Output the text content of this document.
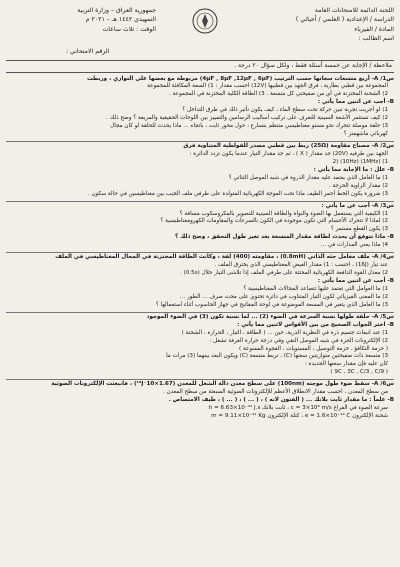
اللجنة الدائمة للامتحانات العامة
الدراسة / الإعدادية ( العلمي / أحيائي )
المادة / الفيزياء
اسم الطالب :
جمهورية العراق – وزارة التربية
التمهيدي ١٤٤٢ هـ – ٢٠٢١ م
الوقت : ثلاث ساعات
الرقم الامتحاني :
ملاحظة / الإجابة عن خمسة أسئلة فقط ، ولكل سؤال ٢٠ درجة .

س1/ A- أربع متسعات سعاتها حسب الترتيب (4μF , 8μF ,12μF , 6μF) مربوطة مع بعضها على التوازي ، وربطت

المجموعة بين قطبي بطارية ، فرق الجهد بين قطبيها (12V) احسب مقدار : 1) السعة المكافئة للمجموعة

2) الشحنة المختزنة في أي من صفيحتي كل متسعة . 3) الطاقة الكلية المختزنة في المجموعة .

B- أجب عن اثنين مما يأتي :

1) لو أجريت تجربة تبين حركة تحت سطح الماء ، كيف يكون تأثير ذلك في طرق التداخل ؟

2) كيف تستثمر الأشعة السينية للتعرف على تركيب أساليب الرسامين والتمييز بين اللوحات الحقيقية والمزيفة ؟ وضح ذلك .

3) حلقة موصلة تتحرك نحو مستو مغناطيسي منتظم بتسارع ، حول محور ثابت ، باتجاه ... ماذا يحدث للحلقة لو كان مجال

كهربائي ماشهمتز ؟

س2/ A- مصباح مقاومة (25Ω) ربط بين قطبي مصدر للفولطية المتناوبة فرق

الجهد بين طرفيه (20V) جد مقدار ( X ) ، ثم جد مقدار التيار عندما يكون تردد الدائرة :

1) (1MHz) 2) (10Hz)

B- علل : ما الإجابة مما يأتي :

1) ما العامل الذي يعتمد عليه مقدار الذروة في شبه الموصل الثنائي ؟

2) مقدار الزاوية الحرجة .

3) ضرورة يكون الخط أحمر الطيف ماذا تحت الموجة الكهربائية المتولدة على طرفي ملف الجيب بين مغناطيسين في حالة سكون .

س3/ A- أجب عن ما يأتي :

1) الكيفية التي يستعمل بها الضوء والنواة والطاقة السينية للتصوير بالمكروسكوب مسافة ؟

2) لماذا لا تتحرك الأجسام التي تكون موجودة في الكون بالسرعات والمقاومات الكهرومغناطيسية ؟

3) يكون القطع مستمر ؟

B- ماذا تتوقع أن يحدث لطاقة مقدار المتسعة بعد تغير طول التحقق ، وضح ذلك ؟

4) ماذا يعني المدارات في ...

س4/ A- ملف معامل حثه الذاتي (0.8mH) ، مقاومته (400) لفة ، وكانت الطاقة المختزنة في المجال المغناطيسي في الملف

عند تيار (16J) ، احسب : 1) مقدار الفيض المغناطيسي الذي يخترق الملف .

2) معدل القوة الدافعة الكهربائية المحتثة على طرفي الملف إذا تلاشى التيار خلال (0.5s) .

B- أجب عن اثنين مما يأتي :

1) ما العوامل التي تعتمد عليها تتصاعد المجالات المغناطيسية ؟

2) ما المعنى الفيزيائي لكون التيار المتناوب في دائرة تحتوي على محث صرف ... الطور ...

3) ما العامل الذي يتغير في المسعة الموضوعة في لوحة المفاتيح في جهاز الحاسوب أثناء استعمالها ؟

س5/ A- حلقة طولها نسبة السرعة في الضوء (2) ... لما نسبة تكون (3) في الضوء الموجود

B- اختر الجواب الصحيح من بين الأقواس لاثنين مما يأتي :

1) عند انبعاث جسيم ذرة في النظرية الذرية، حين ... ( الطاقة ، التيار ، الحرارة ، الشحنة )

2) الإلكترونات الحرة في شبه الموصل النقي وفي درجة حرارة الغرفة تشغل :

( حزمة التكافؤ ، حزمة التوصيل ، المستويات ، الفجوة الممنوعة )

3) متسعة ذات صفيحتين متوازيتين سعتها (C) ، تربط متسعة (C) ويكون البعد بينهما (3) مرات ما

كان عليه فإن مقدار سعتها الجديدة :

( 9C , 3C , C/3 , C/9 )

س6/ A- سقط ضوء طول موجته (100nm) على سطح معدن دالة الشغل للمعدن (1.67×10⁻¹⁹J) ، فانبعثت الإلكترونات الضوئية

من سطح المعدن ، احسب مقدار الانطلاق الأعظم للإلكترونات الضوئية المنبعثة من سطح المعدن .

B- علماً : ما مقدار ثابت بلانك ... ( الفتون لانه ) ، ( ... ) ، ( ... ) ، طيف الامتصاص .

سرعة الضوء في الفراغ c = 3×10⁸ m/s ، ثابت بلانك h = 6.63×10⁻³⁴ J.s

شحنة الإلكترون e = 1.6×10⁻¹⁹ C ، كتلة الإلكترون m = 9.11×10⁻³¹ Kg
